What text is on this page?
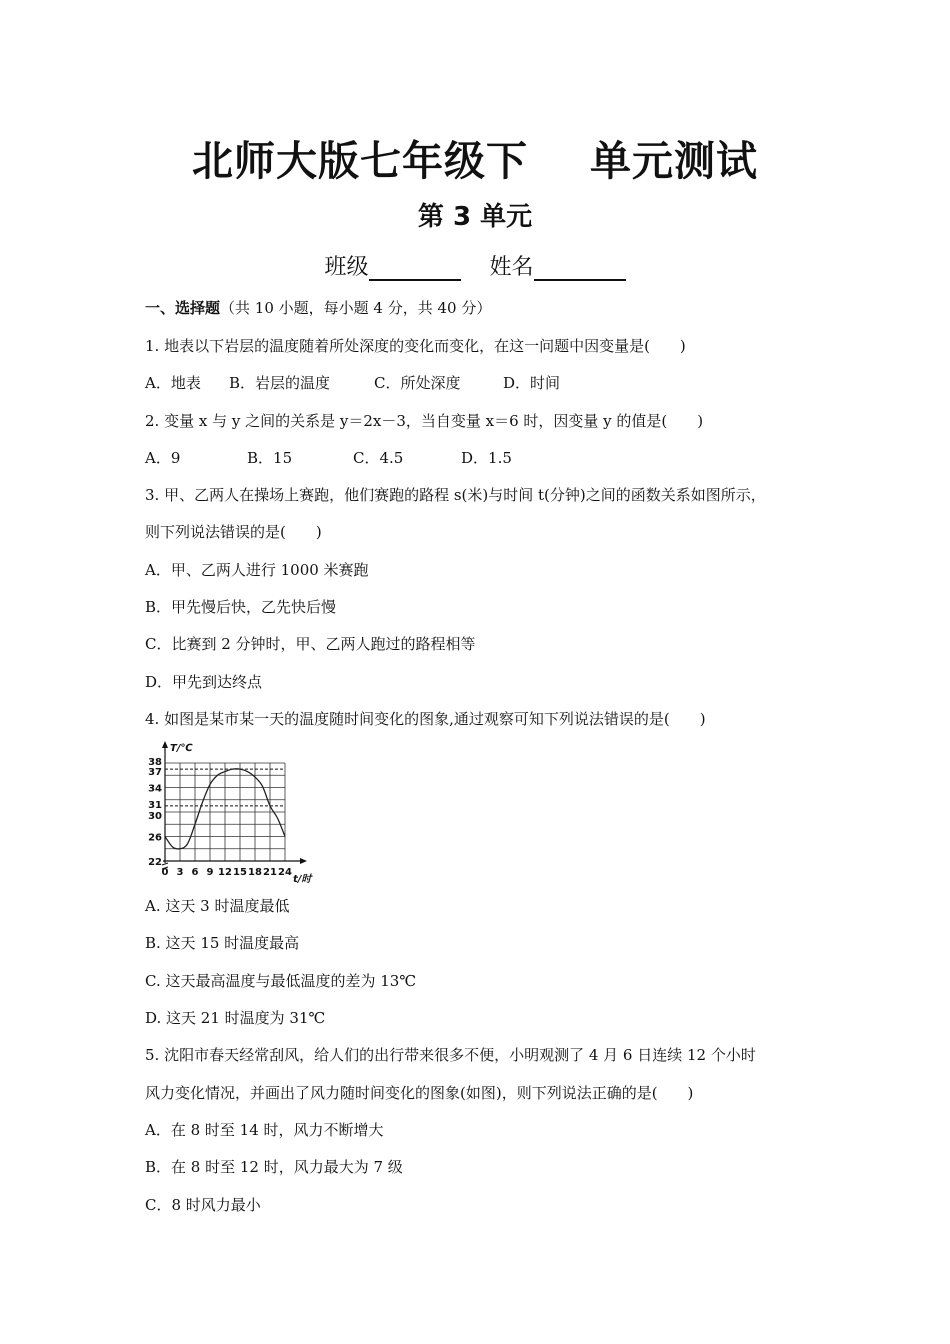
北师大版七年级下 单元测试
第 3 单元
班级	姓名
一、选择题（共 10 小题，每小题 4 分，共 40 分）
1. 地表以下岩层的温度随着所处深度的变化而变化，在这一问题中因变量是(　　)
A．地表 B．岩层的温度	C．所处深度	D．时间
2. 变量 x 与 y 之间的关系是 y＝2x－3，当自变量 x＝6 时，因变量 y 的值是(　　)
A．9	B．15	C．4.5	D．1.5
3. 甲、乙两人在操场上赛跑，他们赛跑的路程 s(米)与时间 t(分钟)之间的函数关系如图所示，
则下列说法错误的是(　　)
A．甲、乙两人进行 1000 米赛跑
B．甲先慢后快，乙先快后慢
C．比赛到 2 分钟时，甲、乙两人跑过的路程相等
D．甲先到达终点
4. 如图是某市某一天的温度随时间变化的图象,通过观察可知下列说法错误的是(　　)
0 3 6 9 12 15 18 21 24
22
26
30
31
34
37
38
T/℃
t/时
A. 这天 3 时温度最低
B. 这天 15 时温度最高
C. 这天最高温度与最低温度的差为 13℃
D. 这天 21 时温度为 31℃
5. 沈阳市春天经常刮风，给人们的出行带来很多不便，小明观测了 4 月 6 日连续 12 个小时
风力变化情况，并画出了风力随时间变化的图象(如图)，则下列说法正确的是(　　)
A．在 8 时至 14 时，风力不断增大
B．在 8 时至 12 时，风力最大为 7 级
C．8 时风力最小
